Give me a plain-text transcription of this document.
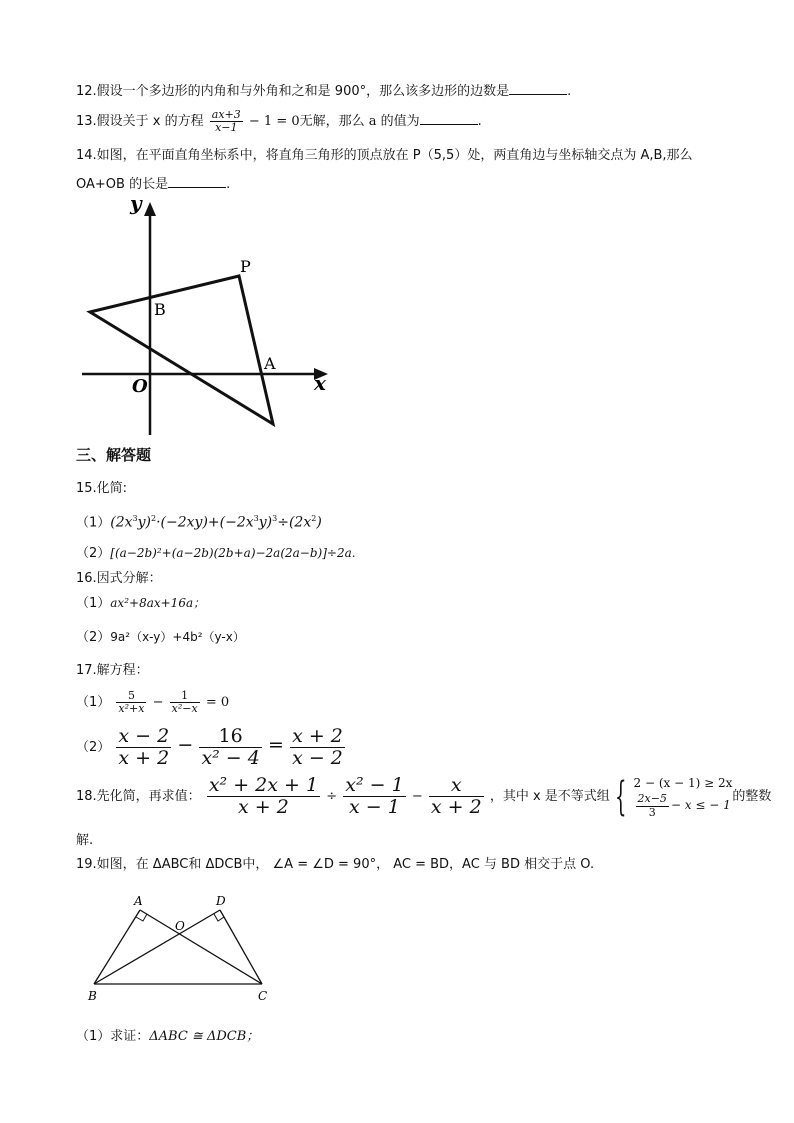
12.假设一个多边形的内角和与外角和之和是 900°，那么该多边形的边数是	.
13.假设关于 x 的方程 $\frac{ax+3}{x-1} - 1 = 0$无解，那么 a 的值为	.
14.如图，在平面直角坐标系中，将直角三角形的顶点放在 P（5,5）处，两直角边与坐标轴交点为 A,B,那么
OA+OB 的长是	.
y
x
O
P
A
B
三、解答题
15.化简:
$(1)(2x^3y)^2\cdot(-2xy)+(-2x^3y)^3\div(2x^2)$
（2）[(a−2b)²+(a−2b)(2b+a)−2a(2a−b)]÷2a.
16.因式分解：
（1）ax²+8ax+16a；
（2）9a²（x-y）+4b²（y-x）
17.解方程：
$(1) \frac{5}{\text{x²+x}} - \frac{1}{\text{x²−x}} = 0$
$(2) \frac{x - 2}{x + 2} - \frac{16}{\text{x² − 4}} = \frac{x + 2}{x - 2}$
18.先化简，再求值： $\frac{\text{x² + 2x + 1}}{x + 2} \div \frac{\text{x² − 1}}{x - 1} - \frac{x}{x + 2}$ ，其中 x 是不等式组 { 2 − (x − 1) ≥ 2x
$\frac{2x-5}{3} - x$ ≤ − 1
的整数
解.
19.如图，在 ΔABC和 ΔDCB中， ∠A = ∠D = 90°， AC = BD，AC 与 BD 相交于点 O.
A	D
B	C
O
（1）求证：ΔABC ≅ ΔDCB；
